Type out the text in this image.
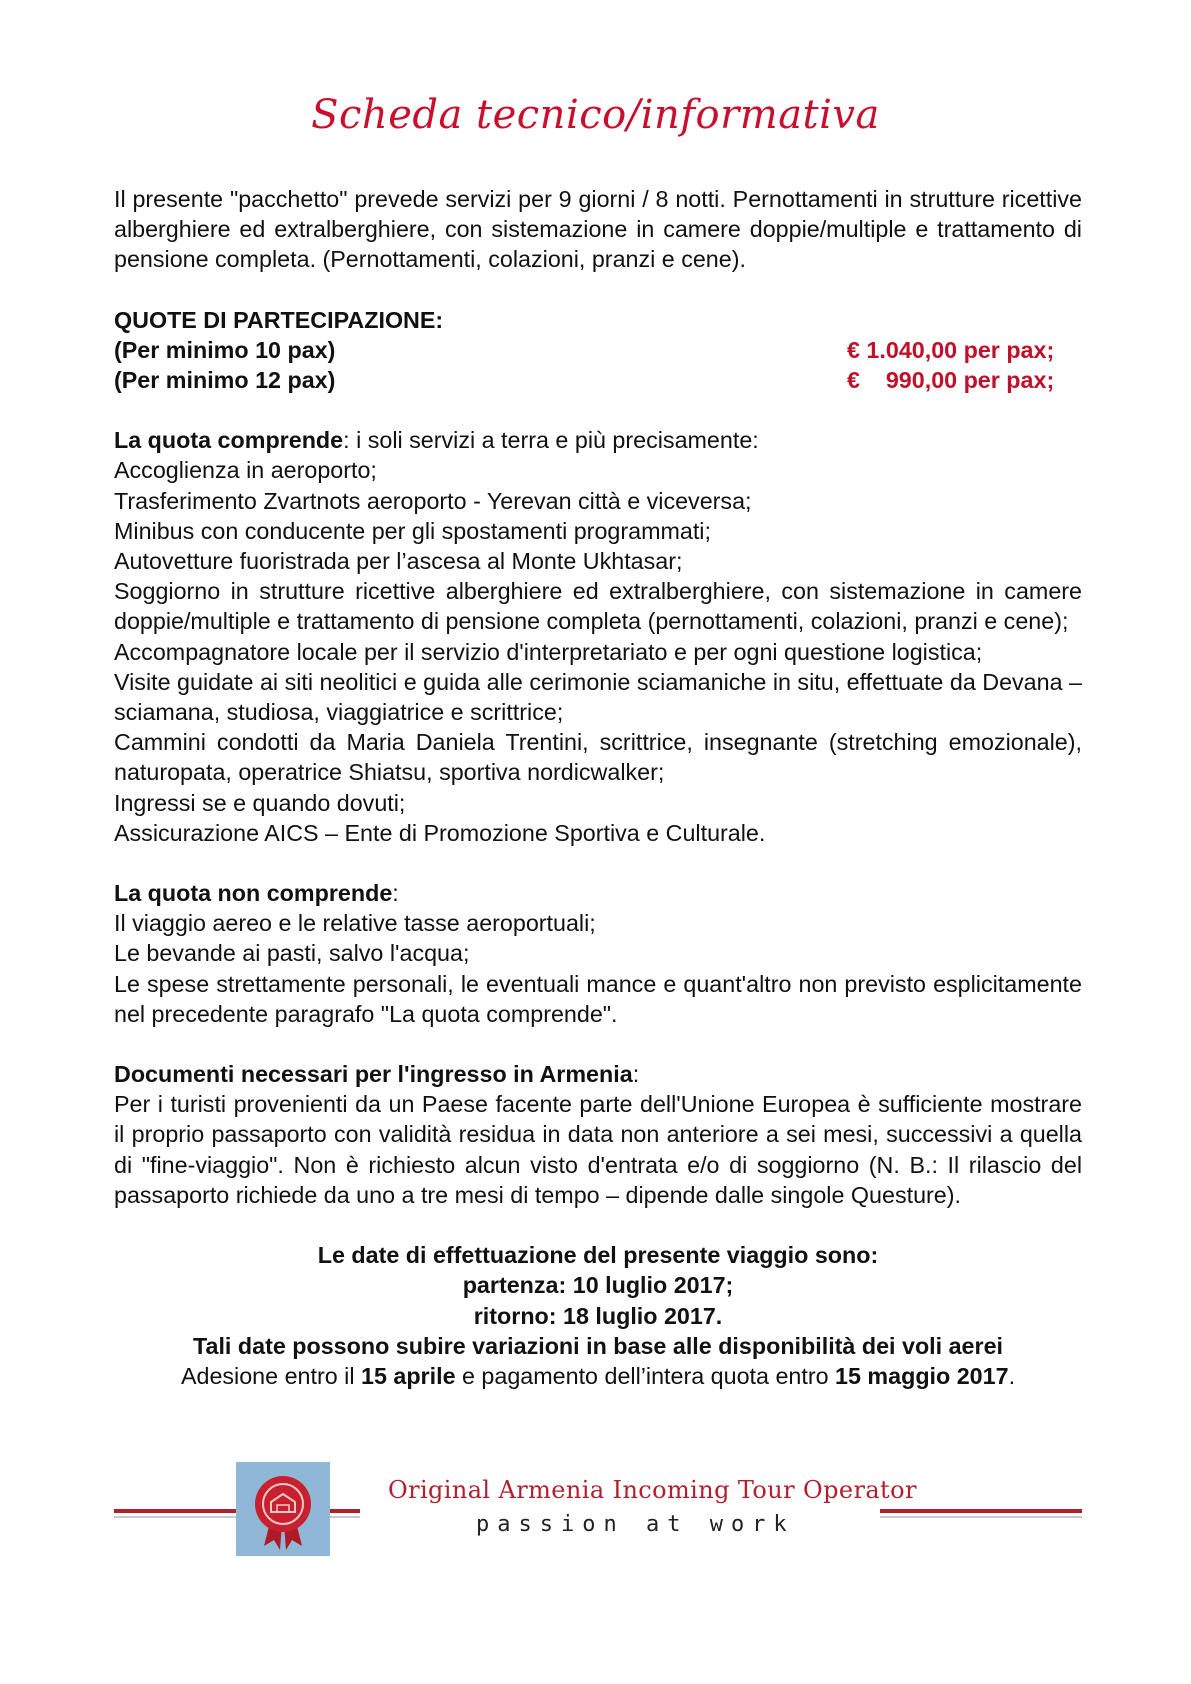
Scheda tecnico/informativa

Il presente "pacchetto" prevede servizi per 9 giorni / 8 notti. Pernottamenti in strutture ricettive alberghiere ed extralberghiere, con sistemazione in camere doppie/multiple e trattamento di pensione completa. (Pernottamenti, colazioni, pranzi e cene).

QUOTE DI PARTECIPAZIONE:

(Per minimo 10 pax)	€ 1.040,00 per pax;
(Per minimo 12 pax)	€    990,00 per pax;

La quota comprende: i soli servizi a terra e più precisamente:

Accoglienza in aeroporto;

Trasferimento Zvartnots aeroporto - Yerevan città e viceversa;

Minibus con conducente per gli spostamenti programmati;

Autovetture fuoristrada per l’ascesa al Monte Ukhtasar;

Soggiorno in strutture ricettive alberghiere ed extralberghiere, con sistemazione in camere doppie/multiple e trattamento di pensione completa (pernottamenti, colazioni, pranzi e cene);

Accompagnatore locale per il servizio d'interpretariato e per ogni questione logistica;

Visite guidate ai siti neolitici e guida alle cerimonie sciamaniche in situ, effettuate da Devana – sciamana, studiosa, viaggiatrice e scrittrice;

Cammini condotti da Maria Daniela Trentini, scrittrice, insegnante (stretching emozionale), naturopata, operatrice Shiatsu, sportiva nordicwalker;

Ingressi se e quando dovuti;

Assicurazione AICS – Ente di Promozione Sportiva e Culturale.

La quota non comprende:

Il viaggio aereo e le relative tasse aeroportuali;

Le bevande ai pasti, salvo l'acqua;

Le spese strettamente personali, le eventuali mance e quant'altro non previsto esplicitamente nel precedente paragrafo "La quota comprende".

Documenti necessari per l'ingresso in Armenia:

Per i turisti provenienti da un Paese facente parte dell'Unione Europea è sufficiente mostrare il proprio passaporto con validità residua in data non anteriore a sei mesi, successivi a quella di "fine-viaggio". Non è richiesto alcun visto d'entrata e/o di soggiorno (N. B.: Il rilascio del passaporto richiede da uno a tre mesi di tempo – dipende dalle singole Questure).

Le date di effettuazione del presente viaggio sono:

partenza: 10 luglio 2017;

ritorno: 18 luglio 2017.

Tali date possono subire variazioni in base alle disponibilità dei voli aerei

Adesione entro il 15 aprile e pagamento dell’intera quota entro 15 maggio 2017.

Original Armenia Incoming Tour Operator
passion at work
